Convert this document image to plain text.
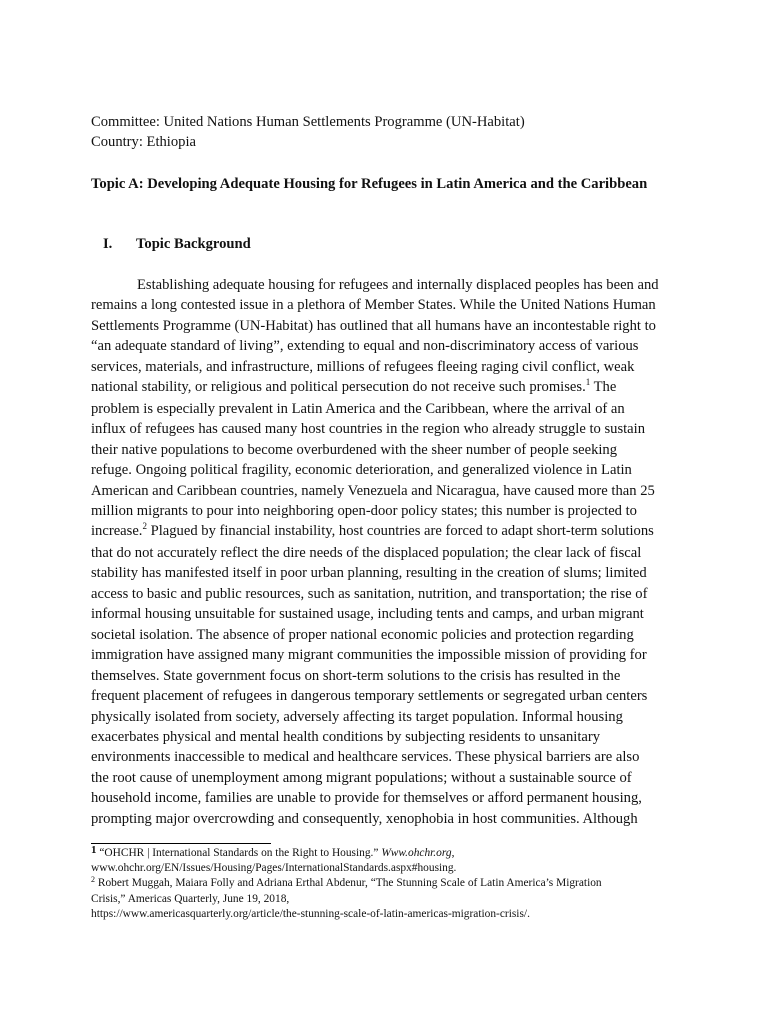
Committee: United Nations Human Settlements Programme (UN-Habitat)
Country: Ethiopia
Topic A: Developing Adequate Housing for Refugees in Latin America and the Caribbean
I. Topic Background
Establishing adequate housing for refugees and internally displaced peoples has been and
remains a long contested issue in a plethora of Member States. While the United Nations Human
Settlements Programme (UN-Habitat) has outlined that all humans have an incontestable right to
“an adequate standard of living”, extending to equal and non-discriminatory access of various
services, materials, and infrastructure, millions of refugees fleeing raging civil conflict, weak
national stability, or religious and political persecution do not receive such promises.$^1$ The
problem is especially prevalent in Latin America and the Caribbean, where the arrival of an
influx of refugees has caused many host countries in the region who already struggle to sustain
their native populations to become overburdened with the sheer number of people seeking
refuge. Ongoing political fragility, economic deterioration, and generalized violence in Latin
American and Caribbean countries, namely Venezuela and Nicaragua, have caused more than 25
million migrants to pour into neighboring open-door policy states; this number is projected to
increase.$^2$ Plagued by financial instability, host countries are forced to adapt short-term solutions
that do not accurately reflect the dire needs of the displaced population; the clear lack of fiscal
stability has manifested itself in poor urban planning, resulting in the creation of slums; limited
access to basic and public resources, such as sanitation, nutrition, and transportation; the rise of
informal housing unsuitable for sustained usage, including tents and camps, and urban migrant
societal isolation. The absence of proper national economic policies and protection regarding
immigration have assigned many migrant communities the impossible mission of providing for
themselves. State government focus on short-term solutions to the crisis has resulted in the
frequent placement of refugees in dangerous temporary settlements or segregated urban centers
physically isolated from society, adversely affecting its target population. Informal housing
exacerbates physical and mental health conditions by subjecting residents to unsanitary
environments inaccessible to medical and healthcare services. These physical barriers are also
the root cause of unemployment among migrant populations; without a sustainable source of
household income, families are unable to provide for themselves or afford permanent housing,
prompting major overcrowding and consequently, xenophobia in host communities. Although
1 “OHCHR | International Standards on the Right to Housing.” Www.ohchr.org,
www.ohchr.org/EN/Issues/Housing/Pages/InternationalStandards.aspx#housing.
$^2$ Robert Muggah, Maiara Folly and Adriana Erthal Abdenur, “The Stunning Scale of Latin America’s Migration
Crisis,” Americas Quarterly, June 19, 2018,
https://www.americasquarterly.org/article/the-stunning-scale-of-latin-americas-migration-crisis/.
